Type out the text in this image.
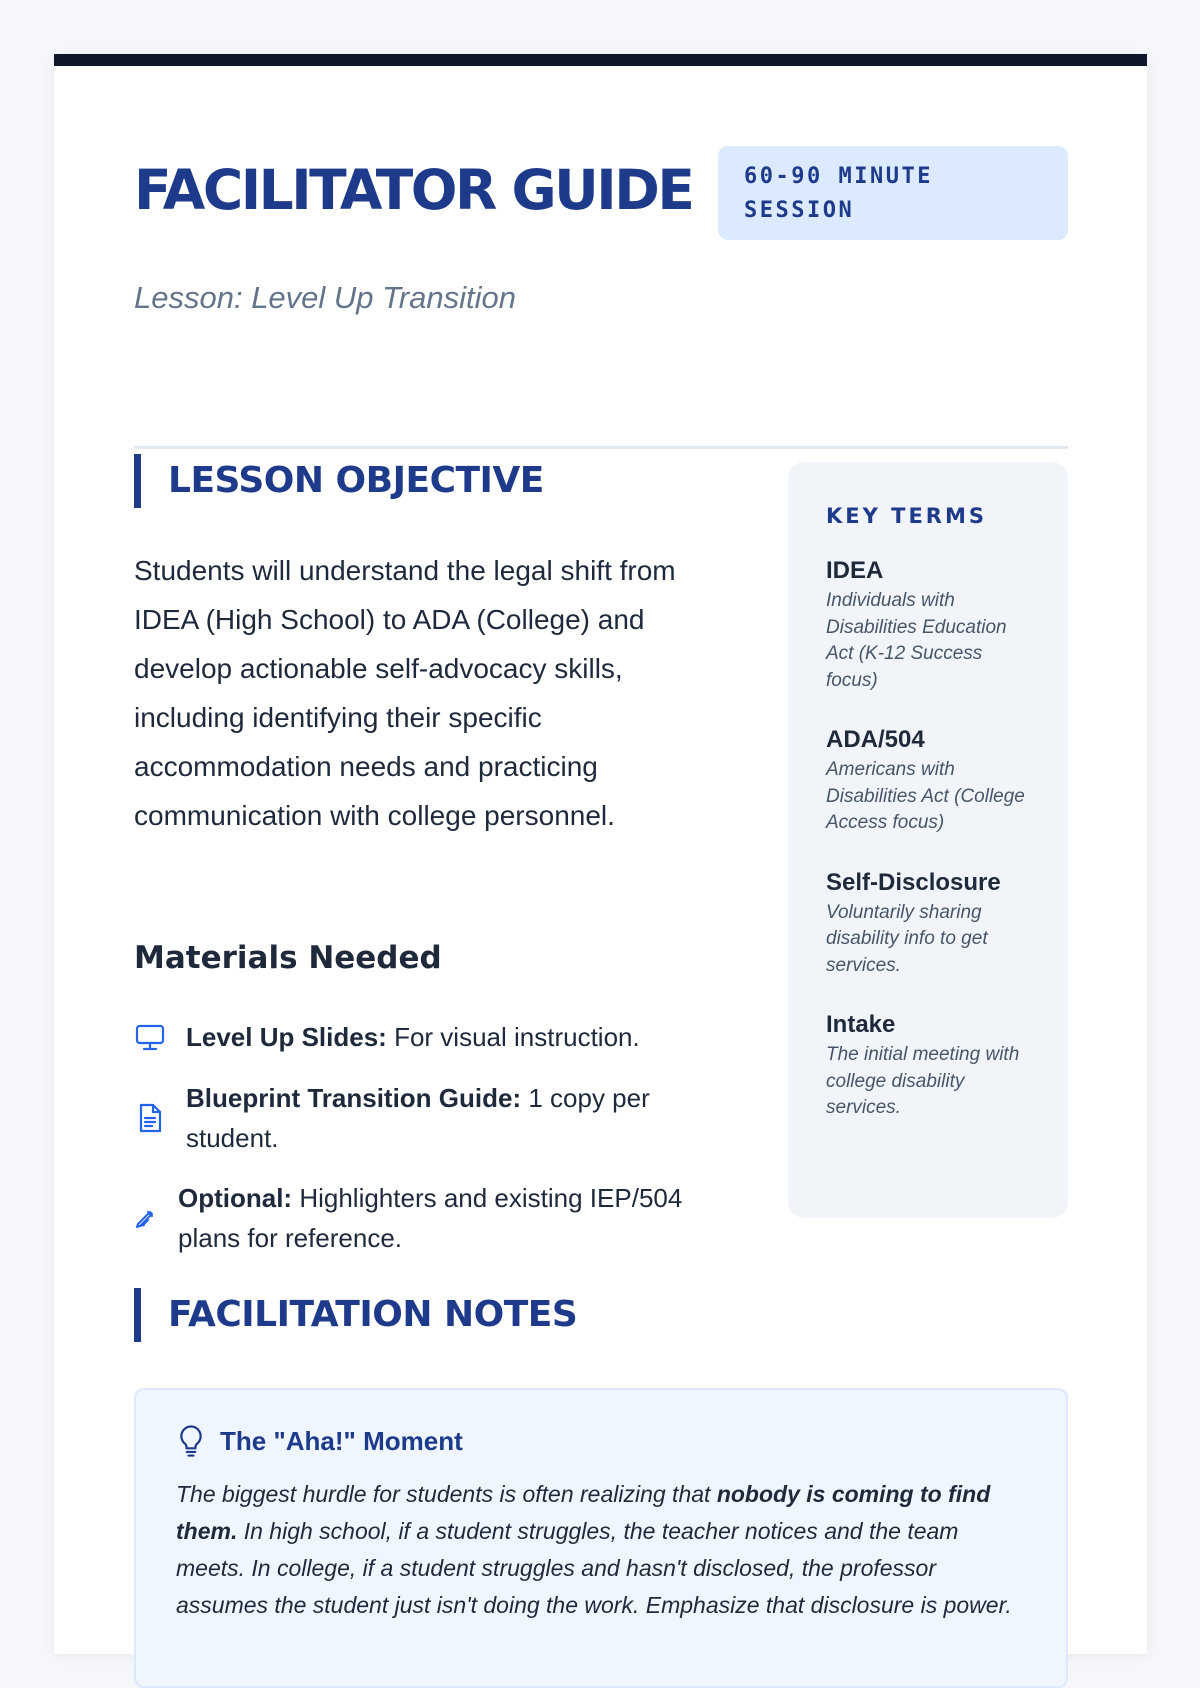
FACILITATOR GUIDE
Lesson: Level Up Transition
60-90 MINUTE SESSION
LESSON OBJECTIVE

Students will understand the legal shift from IDEA (High School) to ADA (College) and develop actionable self-advocacy skills, including identifying their specific accommodation needs and practicing communication with college personnel.

Materials Needed
Level Up Slides: For visual instruction.
Blueprint Transition Guide: 1 copy per student.
Optional: Highlighters and existing IEP/504 plans for reference.
KEY TERMS
IDEA
Individuals with Disabilities Education Act (K-12 Success focus)
ADA/504
Americans with Disabilities Act (College Access focus)
Self-Disclosure
Voluntarily sharing disability info to get services.
Intake
The initial meeting with college disability services.
FACILITATION NOTES
The "Aha!" Moment

The biggest hurdle for students is often realizing that nobody is coming to find them. In high school, if a student struggles, the teacher notices and the team meets. In college, if a student struggles and hasn't disclosed, the professor assumes the student just isn't doing the work. Emphasize that disclosure is power.
